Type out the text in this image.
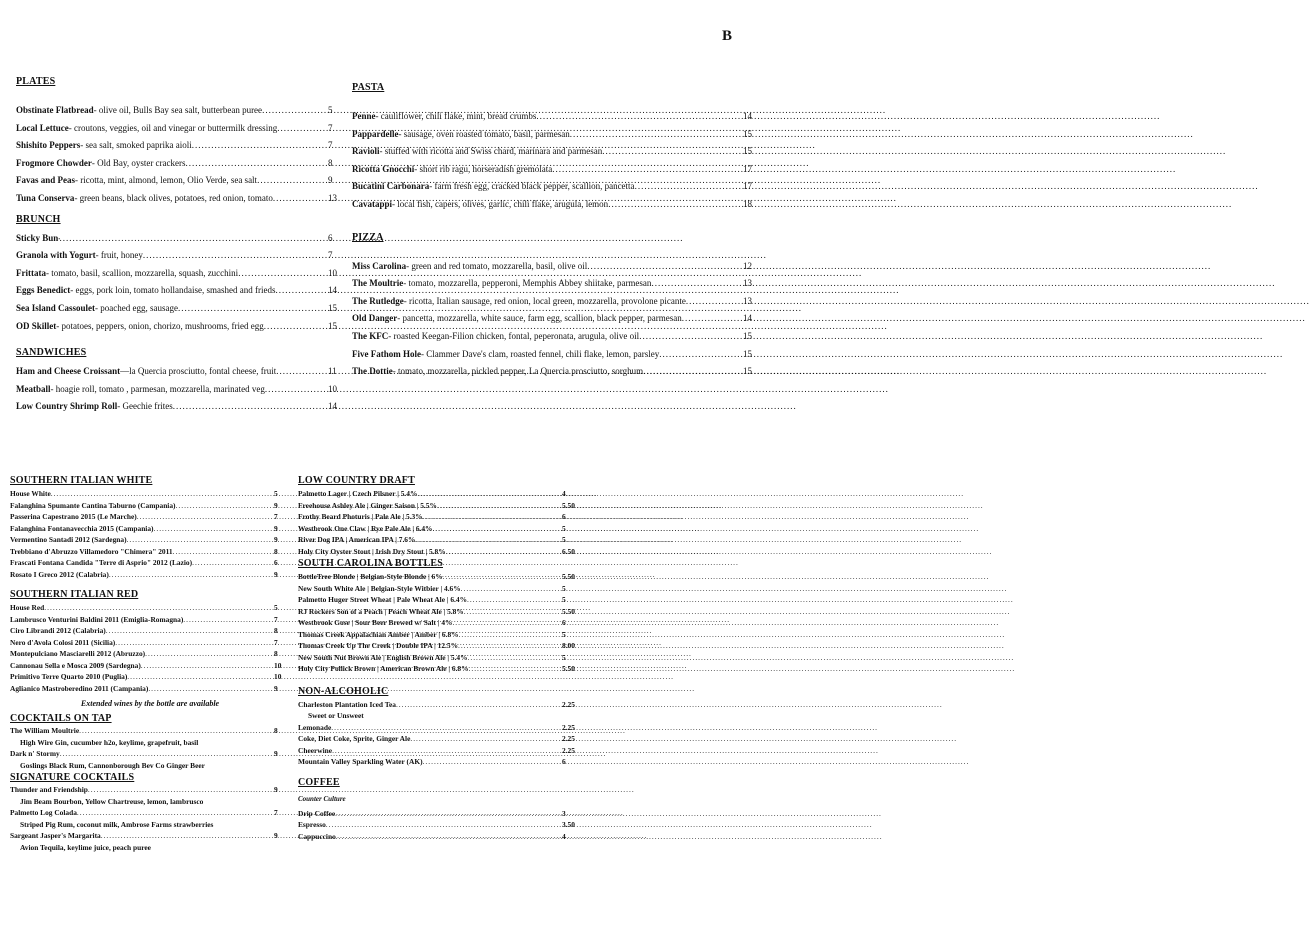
B
PLATES
Obstinate Flatbread - olive oil, Bulls Bay sea salt, butterbean puree .....	5
Local Lettuce - croutons, veggies, oil and vinegar or buttermilk dressing .....	7
Shishito Peppers - sea salt, smoked paprika aioli .....	7
Frogmore Chowder - Old Bay, oyster crackers .....	8
Favas and Peas - ricotta, mint, almond, lemon, Olio Verde, sea salt .....	9
Tuna Conserva - green beans, black olives, potatoes, red onion, tomato .....	13
BRUNCH
Sticky Bun .....	6
Granola with Yogurt - fruit, honey .....	7
Frittata - tomato, basil, scallion, mozzarella, squash, zucchini .....	10
Eggs Benedict - eggs, pork loin, tomato hollandaise, smashed and frieds .....	14
Sea Island Cassoulet - poached egg, sausage .....	15
OD Skillet - potatoes, peppers, onion, chorizo, mushrooms, fried egg .....	15
SANDWICHES
Ham and Cheese Croissant —la Quercia prosciutto, fontal cheese, fruit .....	11
Meatball - hoagie roll, tomato , parmesan, mozzarella, marinated veg .....	10
Low Country Shrimp Roll - Geechie frites .....	14
PASTA
Penne - cauliflower, chili flake, mint, bread crumbs .....	14
Pappardelle - sausage, oven roasted tomato, basil, parmesan .....	15
Ravioli - stuffed with ricotta and Swiss chard, marinara and parmesan .....	15
Ricotta Gnocchi - short rib ragu, horseradish gremolata .....	17
Bucatini Carbonara - farm fresh egg, cracked black pepper, scallion, pancetta .....	17
Cavatappi - local fish, capers, olives, garlic, chili flake, arugula, lemon .....	18
PIZZA
Miss Carolina - green and red tomato, mozzarella, basil, olive oil .....	12
The Moultrie - tomato, mozzarella, pepperoni, Memphis Abbey shiitake, parmesan .....	13
The Rutledge - ricotta, Italian sausage, red onion, local green, mozzarella, provolone picante .....	13
Old Danger - pancetta, mozzarella, white sauce, farm egg, scallion, black pepper, parmesan .....	14
The KFC - roasted Keegan-Filion chicken, fontal, peperonata, arugula, olive oil .....	15
Five Fathom Hole - Clammer Dave's clam, roasted fennel, chili flake, lemon, parsley .....	15
The Dottie - tomato, mozzarella, pickled pepper, La Quercia prosciutto, sorghum .....	15
SOUTHERN ITALIAN WHITE
House White .....	5
Falanghina Spumante Cantina Taburno (Campania) .....	9
Passerina Capestrano 2015 (Le Marche) .....	7
Falanghina Fontanavecchia 2015 (Campania) .....	9
Vermentino Santadi 2012 (Sardegna) .....	9
Trebbiano d'Abruzzo Villamedoro "Chimera" 2011 .....	8
Frascati Fontana Candida "Terre di Asprio" 2012 (Lazio) .....	6
Rosato I Greco 2012 (Calabria) .....	9
SOUTHERN ITALIAN RED
House Red .....	5
Lambrusco Venturini Baldini 2011 (Emiglia-Romagna) .....	7
Ciro Librandi 2012 (Calabria) .....	8
Nero d'Avola Colosi 2011 (Sicilia) .....	7
Montepulciano Masciarelli 2012 (Abruzzo) .....	8
Cannonau Sella e Mosca 2009 (Sardegna) .....	10
Primitivo Terre Quarto 2010 (Puglia) .....	10
Aglianico Mastroberedino 2011 (Campania) .....	9
Extended wines by the bottle are available
COCKTAILS ON TAP
The William Moultrie .....	8
High Wire Gin, cucumber h2o, keylime, grapefruit, basil
Dark n' Stormy .....	9
Goslings Black Rum, Cannonborough Bev Co Ginger Beer
SIGNATURE COCKTAILS
Thunder and Friendship .....	9
Jim Beam Bourbon, Yellow Chartreuse, lemon, lambrusco
Palmetto Log Colada .....	7
Striped Pig Rum, coconut milk, Ambrose Farms strawberries
Sargeant Jasper's Margarita .....	9
Avion Tequila, keylime juice, peach puree
LOW COUNTRY DRAFT
Palmetto Lager | Czech Pilsner | 5.4% .....	4
Freehouse Ashley Ale | Ginger Saison | 5.5% .....	5.50
Frothy Beard Photuris | Pale Ale | 5.3% .....	6
Westbrook One Claw | Rye Pale Ale | 6.4% .....	5
River Dog IPA | American IPA | 7.6% .....	5
Holy City Oyster Stout | Irish Dry Stout | 5.8% .....	6.50
SOUTH CAROLINA BOTTLES
BottleTree Blonde | Belgian-Style Blonde | 6% .....	5.50
New South White Ale | Belgian-Style Witbier | 4.6% .....	5
Palmetto Huger Street Wheat | Pale Wheat Ale | 6.4% .....	5
RJ Rockers Son of a Peach | Peach Wheat Ale | 5.8% .....	5.50
Westbrook Gose | Sour Beer Brewed w/ Salt | 4% .....	6
Thomas Creek Appalachian Amber | Amber | 6.8% .....	5
Thomas Creek Up The Creek | Double IPA | 12.5% .....	8.00
New South Nut Brown Ale | English Brown Ale | 5.4% .....	5
Holy City Pollick Brown | American Brown Ale | 6.8% .....	5.50
NON-ALCOHOLIC
Charleston Plantation Iced Tea .....	2.25
Sweet or Unsweet
Lemonade .....	2.25
Coke, Diet Coke, Sprite, Ginger Ale .....	2.25
Cheerwine .....	2.25
Mountain Valley Sparkling Water (AK) .....	6
COFFEE
Counter Culture
Drip Coffee .....	3
Espresso .....	3.50
Cappuccino .....	4
